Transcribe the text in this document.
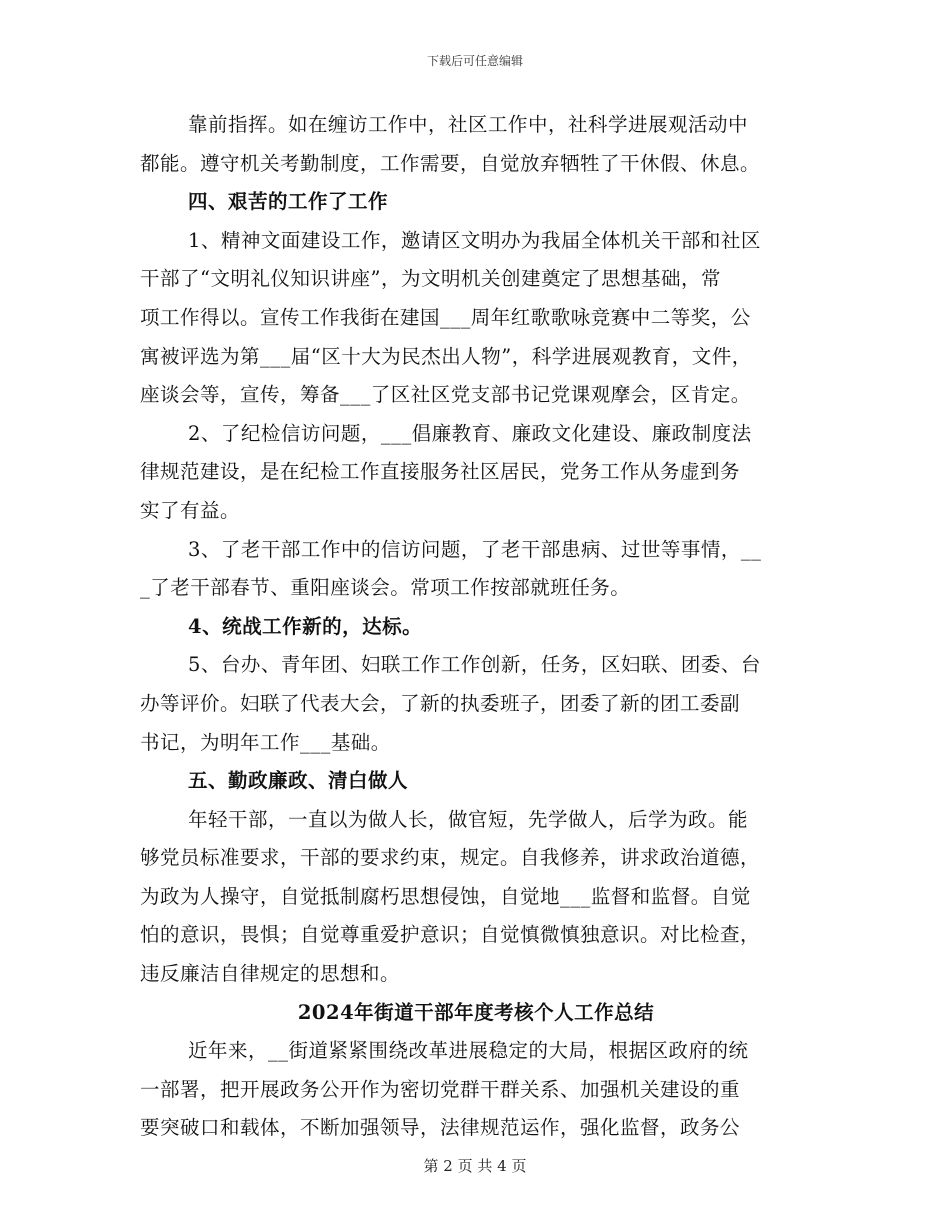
下载后可任意编辑
靠前指挥。如在缠访工作中，社区工作中，社科学进展观活动中
都能。遵守机关考勤制度，工作需要，自觉放弃牺牲了干休假、休息。
四、艰苦的工作了工作
1、精神文面建设工作，邀请区文明办为我届全体机关干部和社区
干部了“文明礼仪知识讲座”，为文明机关创建奠定了思想基础，常
项工作得以。宣传工作我街在建国___周年红歌歌咏竞赛中二等奖，公
寓被评选为第___届“区十大为民杰出人物”，科学进展观教育，文件，
座谈会等，宣传，筹备___了区社区党支部书记党课观摩会，区肯定。
2、了纪检信访问题，___倡廉教育、廉政文化建设、廉政制度法
律规范建设，是在纪检工作直接服务社区居民，党务工作从务虚到务
实了有益。
3、了老干部工作中的信访问题，了老干部患病、过世等事情，__
_了老干部春节、重阳座谈会。常项工作按部就班任务。
4、统战工作新的，达标。
5、台办、青年团、妇联工作工作创新，任务，区妇联、团委、台
办等评价。妇联了代表大会，了新的执委班子，团委了新的团工委副
书记，为明年工作___基础。
五、勤政廉政、清白做人
年轻干部，一直以为做人长，做官短，先学做人，后学为政。能
够党员标准要求，干部的要求约束，规定。自我修养，讲求政治道德，
为政为人操守，自觉抵制腐朽思想侵蚀，自觉地___监督和监督。自觉
怕的意识，畏惧；自觉尊重爱护意识；自觉慎微慎独意识。对比检查，
违反廉洁自律规定的思想和。
2024年街道干部年度考核个人工作总结
近年来，__街道紧紧围绕改革进展稳定的大局，根据区政府的统
一部署，把开展政务公开作为密切党群干群关系、加强机关建设的重
要突破口和载体，不断加强领导，法律规范运作，强化监督，政务公
第 2 页 共 4 页
